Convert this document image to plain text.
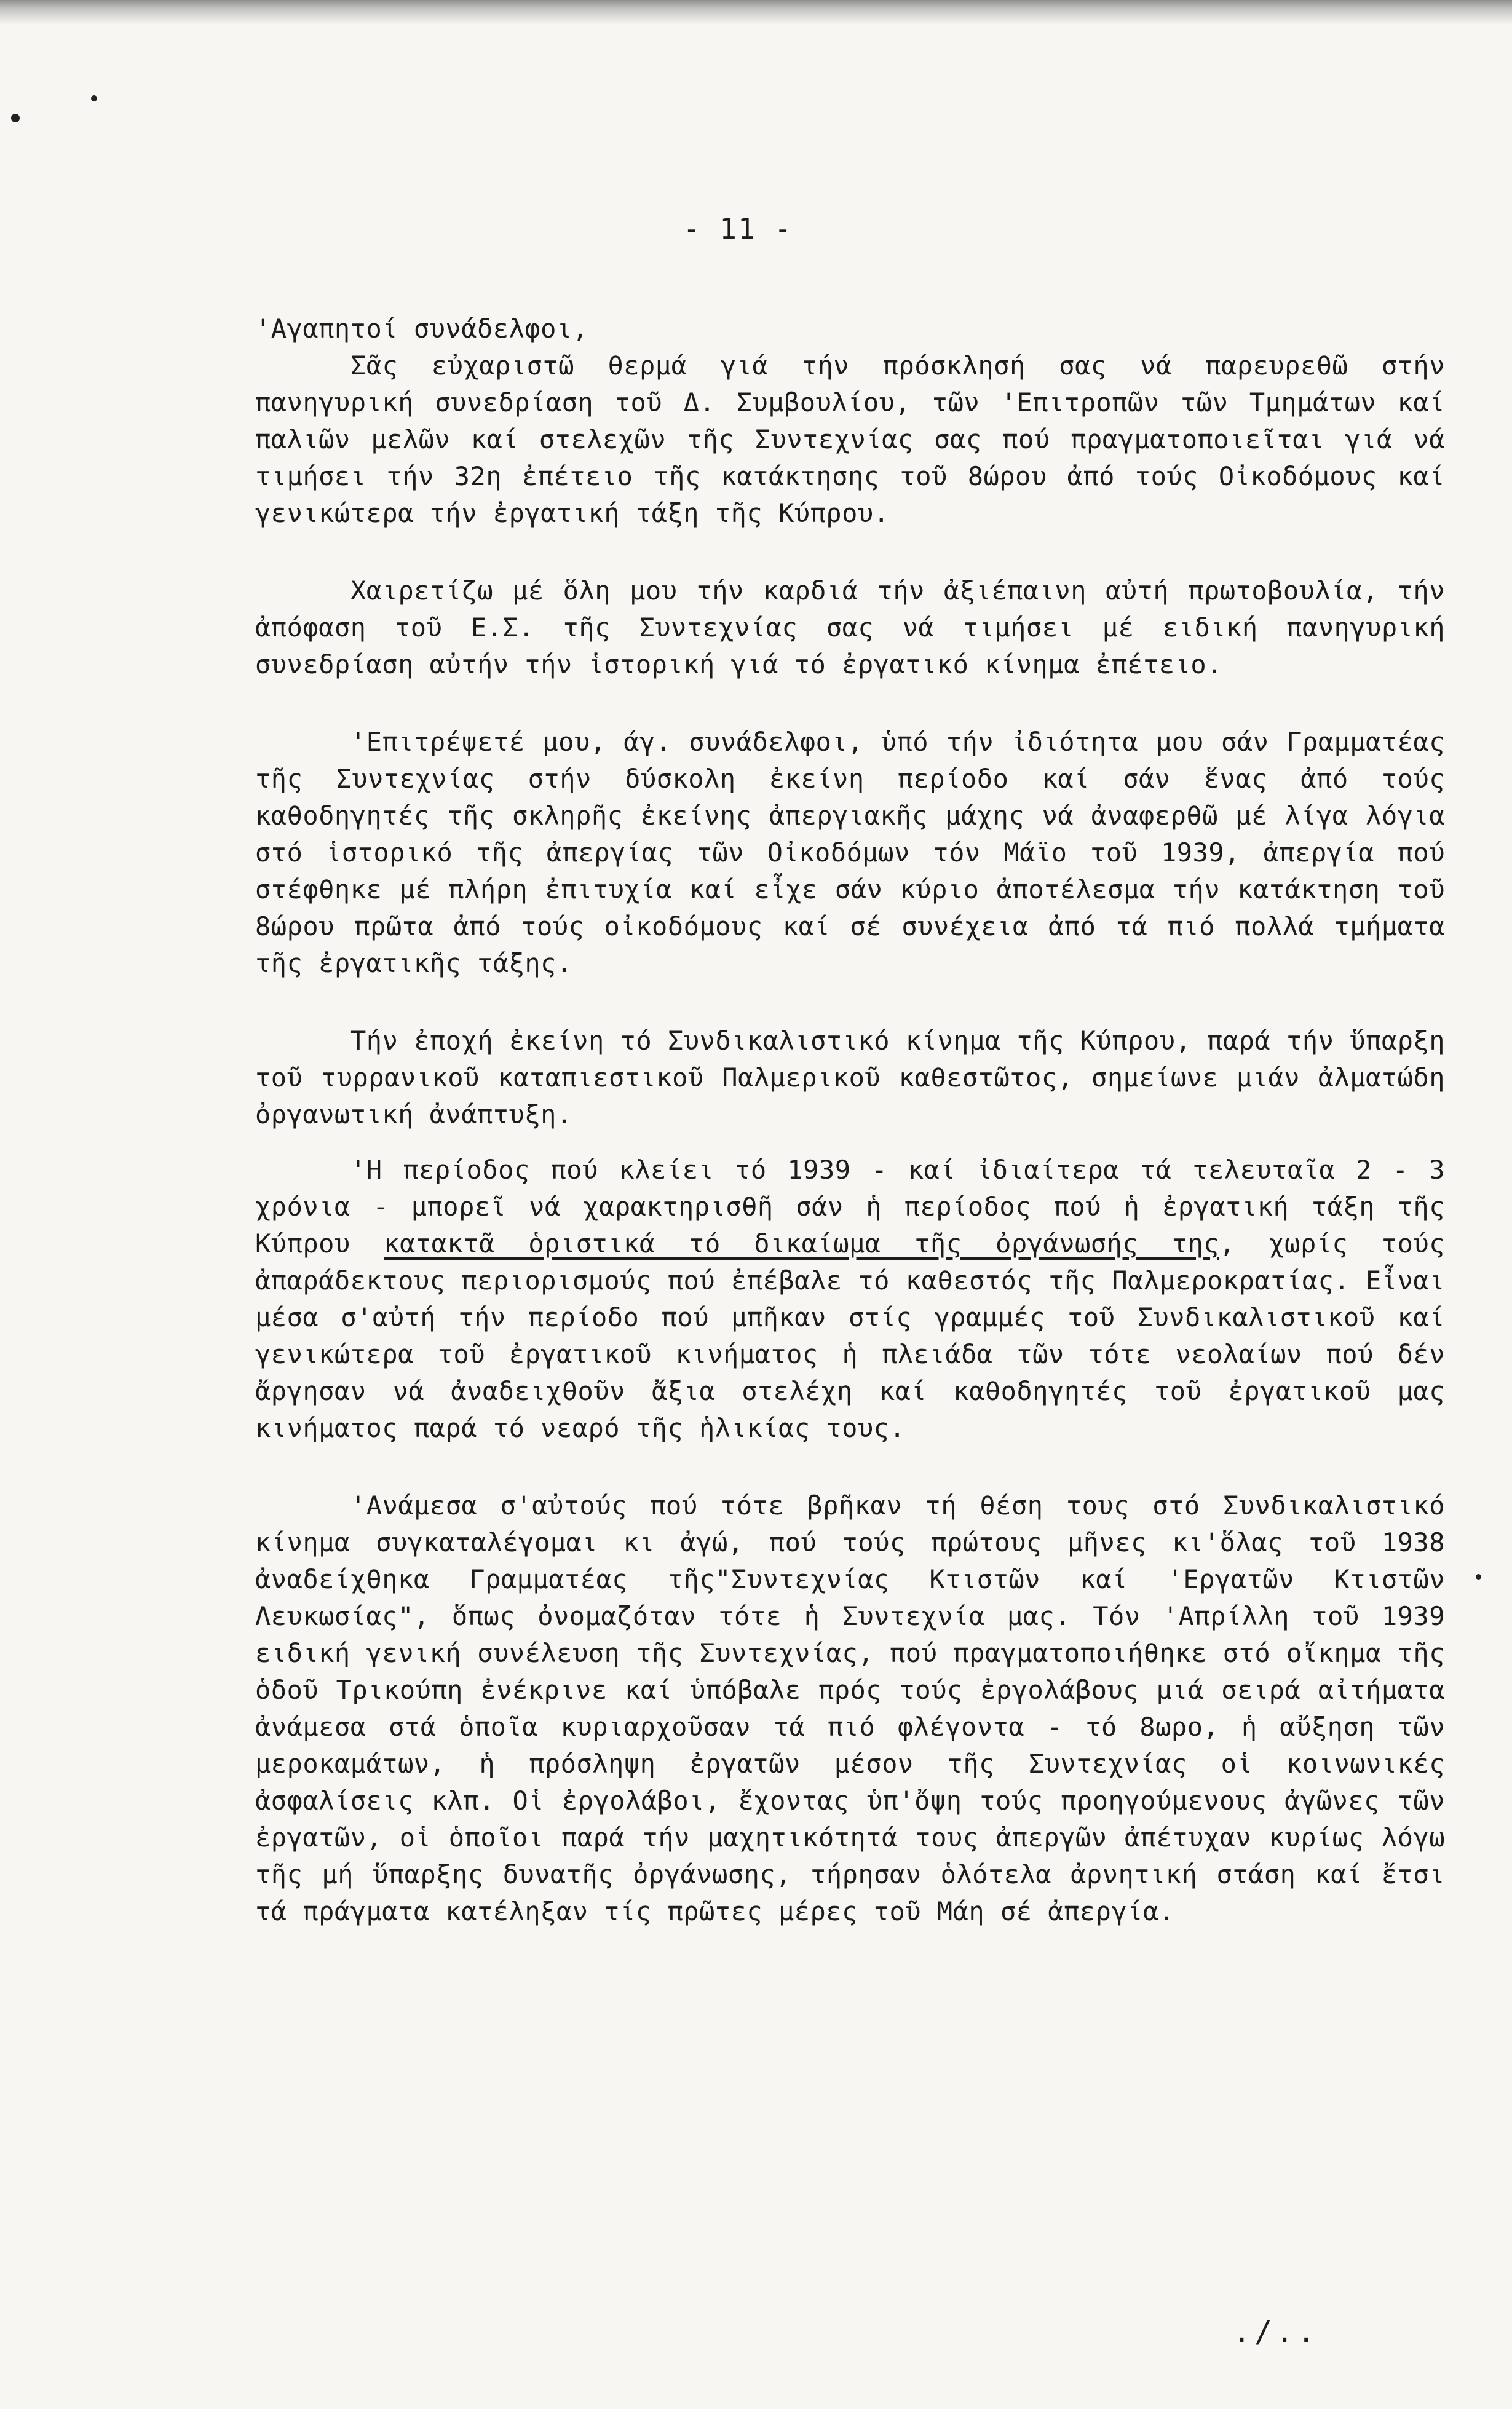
- 11 -
'Αγαπητοί συνάδελφοι,

Σᾶς εὐχαριστῶ θερμά γιά τήν πρόσκλησή σας νά παρευρεθῶ στήν πανηγυρική συνεδρίαση τοῦ Δ. Συμβουλίου, τῶν 'Επιτροπῶν τῶν Τμημάτων καί παλιῶν μελῶν καί στελεχῶν τῆς Συντεχνίας σας πού πραγματοποιεῖται γιά νά τιμήσει τήν 32η ἐπέτειο τῆς κατάκτησης τοῦ 8ώρου ἀπό τούς Οἰκοδόμους καί γενικώτερα τήν ἐργατική τάξη τῆς Κύπρου.

Χαιρετίζω μέ ὅλη μου τήν καρδιά τήν ἀξιέπαινη αὐτή πρωτοβουλία, τήν ἀπόφαση τοῦ Ε.Σ. τῆς Συντεχνίας σας νά τιμήσει μέ ειδική πανηγυρική συνεδρίαση αὐτήν τήν ἱστορική γιά τό ἐργατικό κίνημα ἐπέτειο.

'Επιτρέψετέ μου, άγ. συνάδελφοι, ὑπό τήν ἰδιότητα μου σάν Γραμματέας τῆς Συντεχνίας στήν δύσκολη ἐκείνη περίοδο καί σάν ἕνας ἀπό τούς καθοδηγητές τῆς σκληρῆς ἐκείνης ἀπεργιακῆς μάχης νά ἀναφερθῶ μέ λίγα λόγια στό ἱστορικό τῆς ἀπεργίας τῶν Οἰκοδόμων τόν Μάϊο τοῦ 1939, ἀπεργία πού στέφθηκε μέ πλήρη ἐπιτυχία καί εἶχε σάν κύριο ἀποτέλεσμα τήν κατάκτηση τοῦ 8ώρου πρῶτα ἀπό τούς οἰκοδόμους καί σέ συνέχεια ἀπό τά πιό πολλά τμήματα τῆς ἐργατικῆς τάξης.

Τήν ἐποχή ἐκείνη τό Συνδικαλιστικό κίνημα τῆς Κύπρου, παρά τήν ὕπαρξη τοῦ τυρρανικοῦ καταπιεστικοῦ Παλμερικοῦ καθεστῶτος, σημείωνε μιάν ἀλματώδη ὀργανωτική ἀνάπτυξη.

'Η περίοδος πού κλείει τό 1939 - καί ἰδιαίτερα τά τελευταῖα 2 - 3 χρόνια - μπορεῖ νά χαρακτηρισθῆ σάν ἡ περίοδος πού ἡ ἐργατική τάξη τῆς Κύπρου κατακτᾶ ὁριστικά τό δικαίωμα τῆς ὀργάνωσής της, χωρίς τούς ἀπαράδεκτους περιορισμούς πού ἐπέβαλε τό καθεστός τῆς Παλμεροκρατίας. Εἶναι μέσα σ'αὐτή τήν περίοδο πού μπῆκαν στίς γραμμές τοῦ Συνδικαλιστικοῦ καί γενικώτερα τοῦ ἐργατικοῦ κινήματος ἡ πλειάδα τῶν τότε νεολαίων πού δέν ἄργησαν νά ἀναδειχθοῦν ἄξια στελέχη καί καθοδηγητές τοῦ ἐργατικοῦ μας κινήματος παρά τό νεαρό τῆς ἡλικίας τους.

'Ανάμεσα σ'αὐτούς πού τότε βρῆκαν τή θέση τους στό Συνδικαλιστικό κίνημα συγκαταλέγομαι κι ἀγώ, πού τούς πρώτους μῆνες κι'ὅλας τοῦ 1938 ἀναδείχθηκα Γραμματέας τῆς"Συντεχνίας Κτιστῶν καί 'Εργατῶν Κτιστῶν Λευκωσίας", ὅπως ὀνομαζόταν τότε ἡ Συντεχνία μας. Τόν 'Απρίλλη τοῦ 1939 ειδική γενική συνέλευση τῆς Συντεχνίας, πού πραγματοποιήθηκε στό οἴκημα τῆς ὁδοῦ Τρικούπη ἐνέκρινε καί ὑπόβαλε πρός τούς ἐργολάβους μιά σειρά αἰτήματα ἀνάμεσα στά ὁποῖα κυριαρχοῦσαν τά πιό φλέγοντα - τό 8ωρο, ἡ αὔξηση τῶν μεροκαμάτων, ἡ πρόσληψη ἐργατῶν μέσον τῆς Συντεχνίας οἱ κοινωνικές ἀσφαλίσεις κλπ. Οἱ ἐργολάβοι, ἔχοντας ὑπ'ὄψη τούς προηγούμενους ἀγῶνες τῶν ἐργατῶν, οἱ ὁποῖοι παρά τήν μαχητικότητά τους ἀπεργῶν ἀπέτυχαν κυρίως λόγω τῆς μή ὕπαρξης δυνατῆς ὀργάνωσης, τήρησαν ὁλότελα ἀρνητική στάση καί ἔτσι τά πράγματα κατέληξαν τίς πρῶτες μέρες τοῦ Μάη σέ ἀπεργία.

./..
